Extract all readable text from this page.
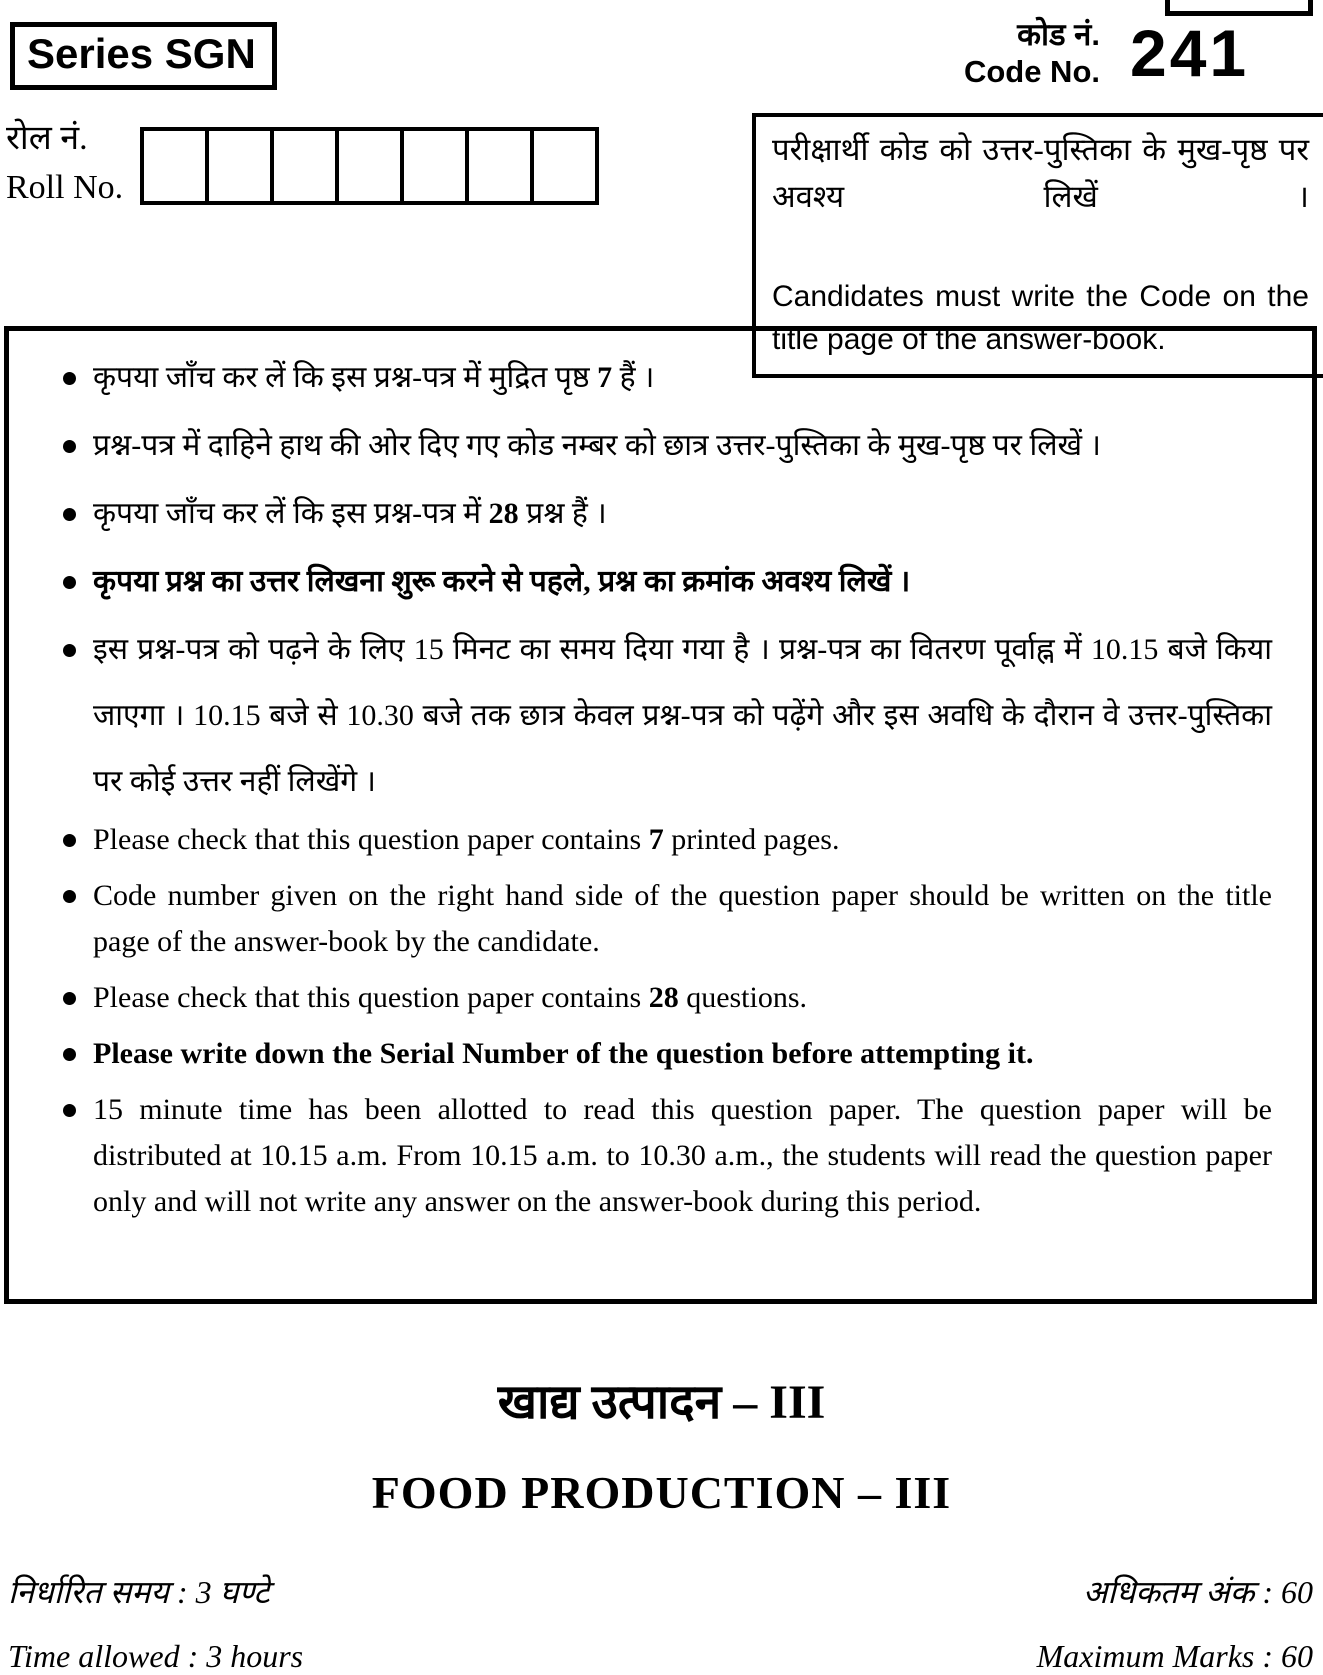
Series SGN	कोड नं.
Code No. 241
रोल नं.
Roll No.
परीक्षार्थी कोड को उत्तर-पुस्तिका के मुख-पृष्ठ पर अवश्य लिखें ।
Candidates must write the Code on the title page of the answer-book.
कृपया जाँच कर लें कि इस प्रश्न-पत्र में मुद्रित पृष्ठ 7 हैं ।
प्रश्न-पत्र में दाहिने हाथ की ओर दिए गए कोड नम्बर को छात्र उत्तर-पुस्तिका के मुख-पृष्ठ पर लिखें ।
कृपया जाँच कर लें कि इस प्रश्न-पत्र में 28 प्रश्न हैं ।
कृपया प्रश्न का उत्तर लिखना शुरू करने से पहले, प्रश्न का क्रमांक अवश्य लिखें ।
इस प्रश्न-पत्र को पढ़ने के लिए 15 मिनट का समय दिया गया है । प्रश्न-पत्र का वितरण पूर्वाह्न में 10.15 बजे किया जाएगा । 10.15 बजे से 10.30 बजे तक छात्र केवल प्रश्न-पत्र को पढ़ेंगे और इस अवधि के दौरान वे उत्तर-पुस्तिका पर कोई उत्तर नहीं लिखेंगे ।
Please check that this question paper contains 7 printed pages.
Code number given on the right hand side of the question paper should be written on the title page of the answer-book by the candidate.
Please check that this question paper contains 28 questions.
Please write down the Serial Number of the question before attempting it.
15 minute time has been allotted to read this question paper. The question paper will be distributed at 10.15 a.m. From 10.15 a.m. to 10.30 a.m., the students will read the question paper only and will not write any answer on the answer-book during this period.
खाद्य उत्पादन – III
FOOD PRODUCTION – III
निर्धारित समय : 3 घण्टे	अधिकतम अंक : 60
Time allowed : 3 hours	Maximum Marks : 60
